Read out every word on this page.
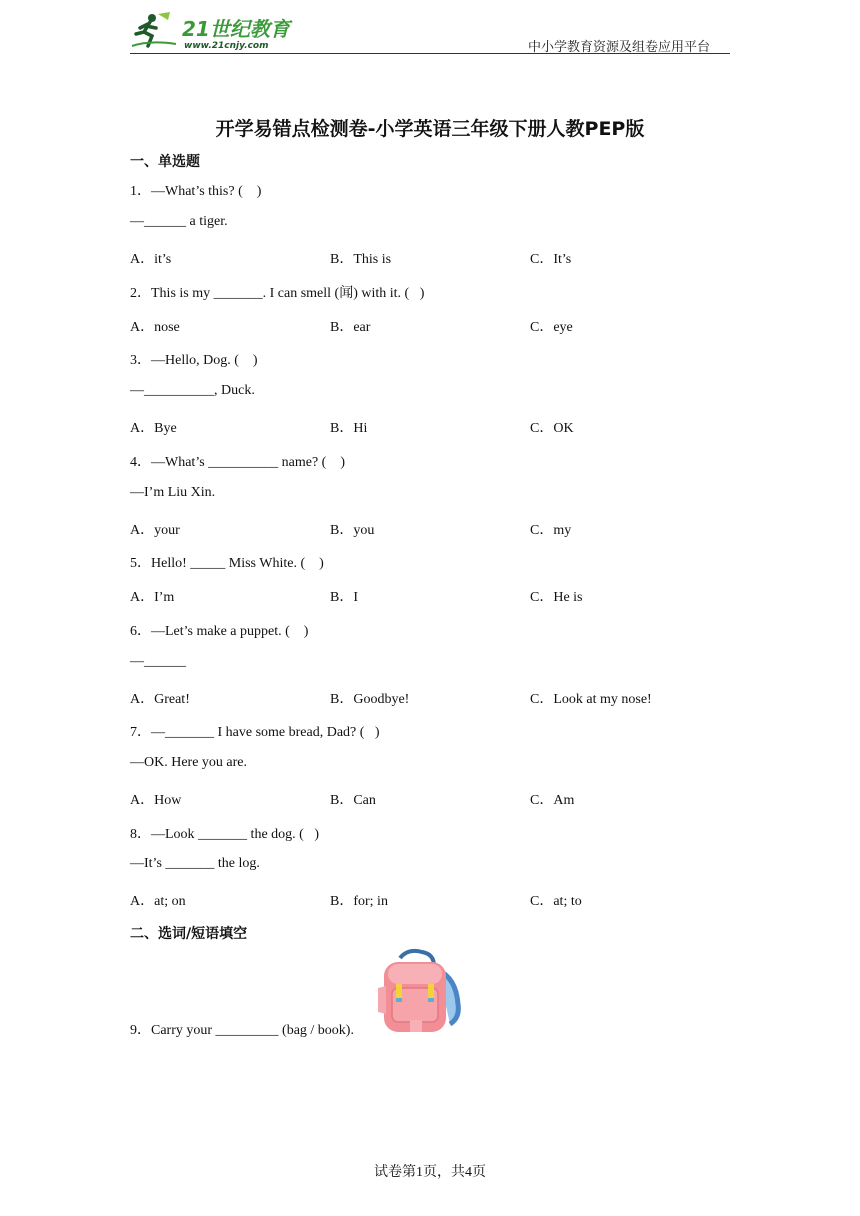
21世纪教育
www.21cnjy.com	中小学教育资源及组卷应用平台
开学易错点检测卷-小学英语三年级下册人教PEP版
一、单选题
1．—What’s this? (    )
—______ a tiger.
A．it’s	B．This is	C．It’s
2．This is my _______. I can smell (闻) with it. (   )
A．nose	B．ear	C．eye
3．—Hello, Dog. (    )
—__________, Duck.
A．Bye	B．Hi	C．OK
4．—What’s __________ name? (    )
—I’m Liu Xin.
A．your	B．you	C．my
5．Hello! _____ Miss White. (    )
A．I’m	B．I	C．He is
6．—Let’s make a puppet. (    )
—______
A．Great!	B．Goodbye!	C．Look at my nose!
7．—_______ I have some bread, Dad? (   )
—OK. Here you are.
A．How	B．Can	C．Am
8．—Look _______ the dog. (   )
—It’s _______ the log.
A．at; on	B．for; in	C．at; to
二、选词/短语填空
9．Carry your _________ (bag / book).
试卷第1页，共4页
